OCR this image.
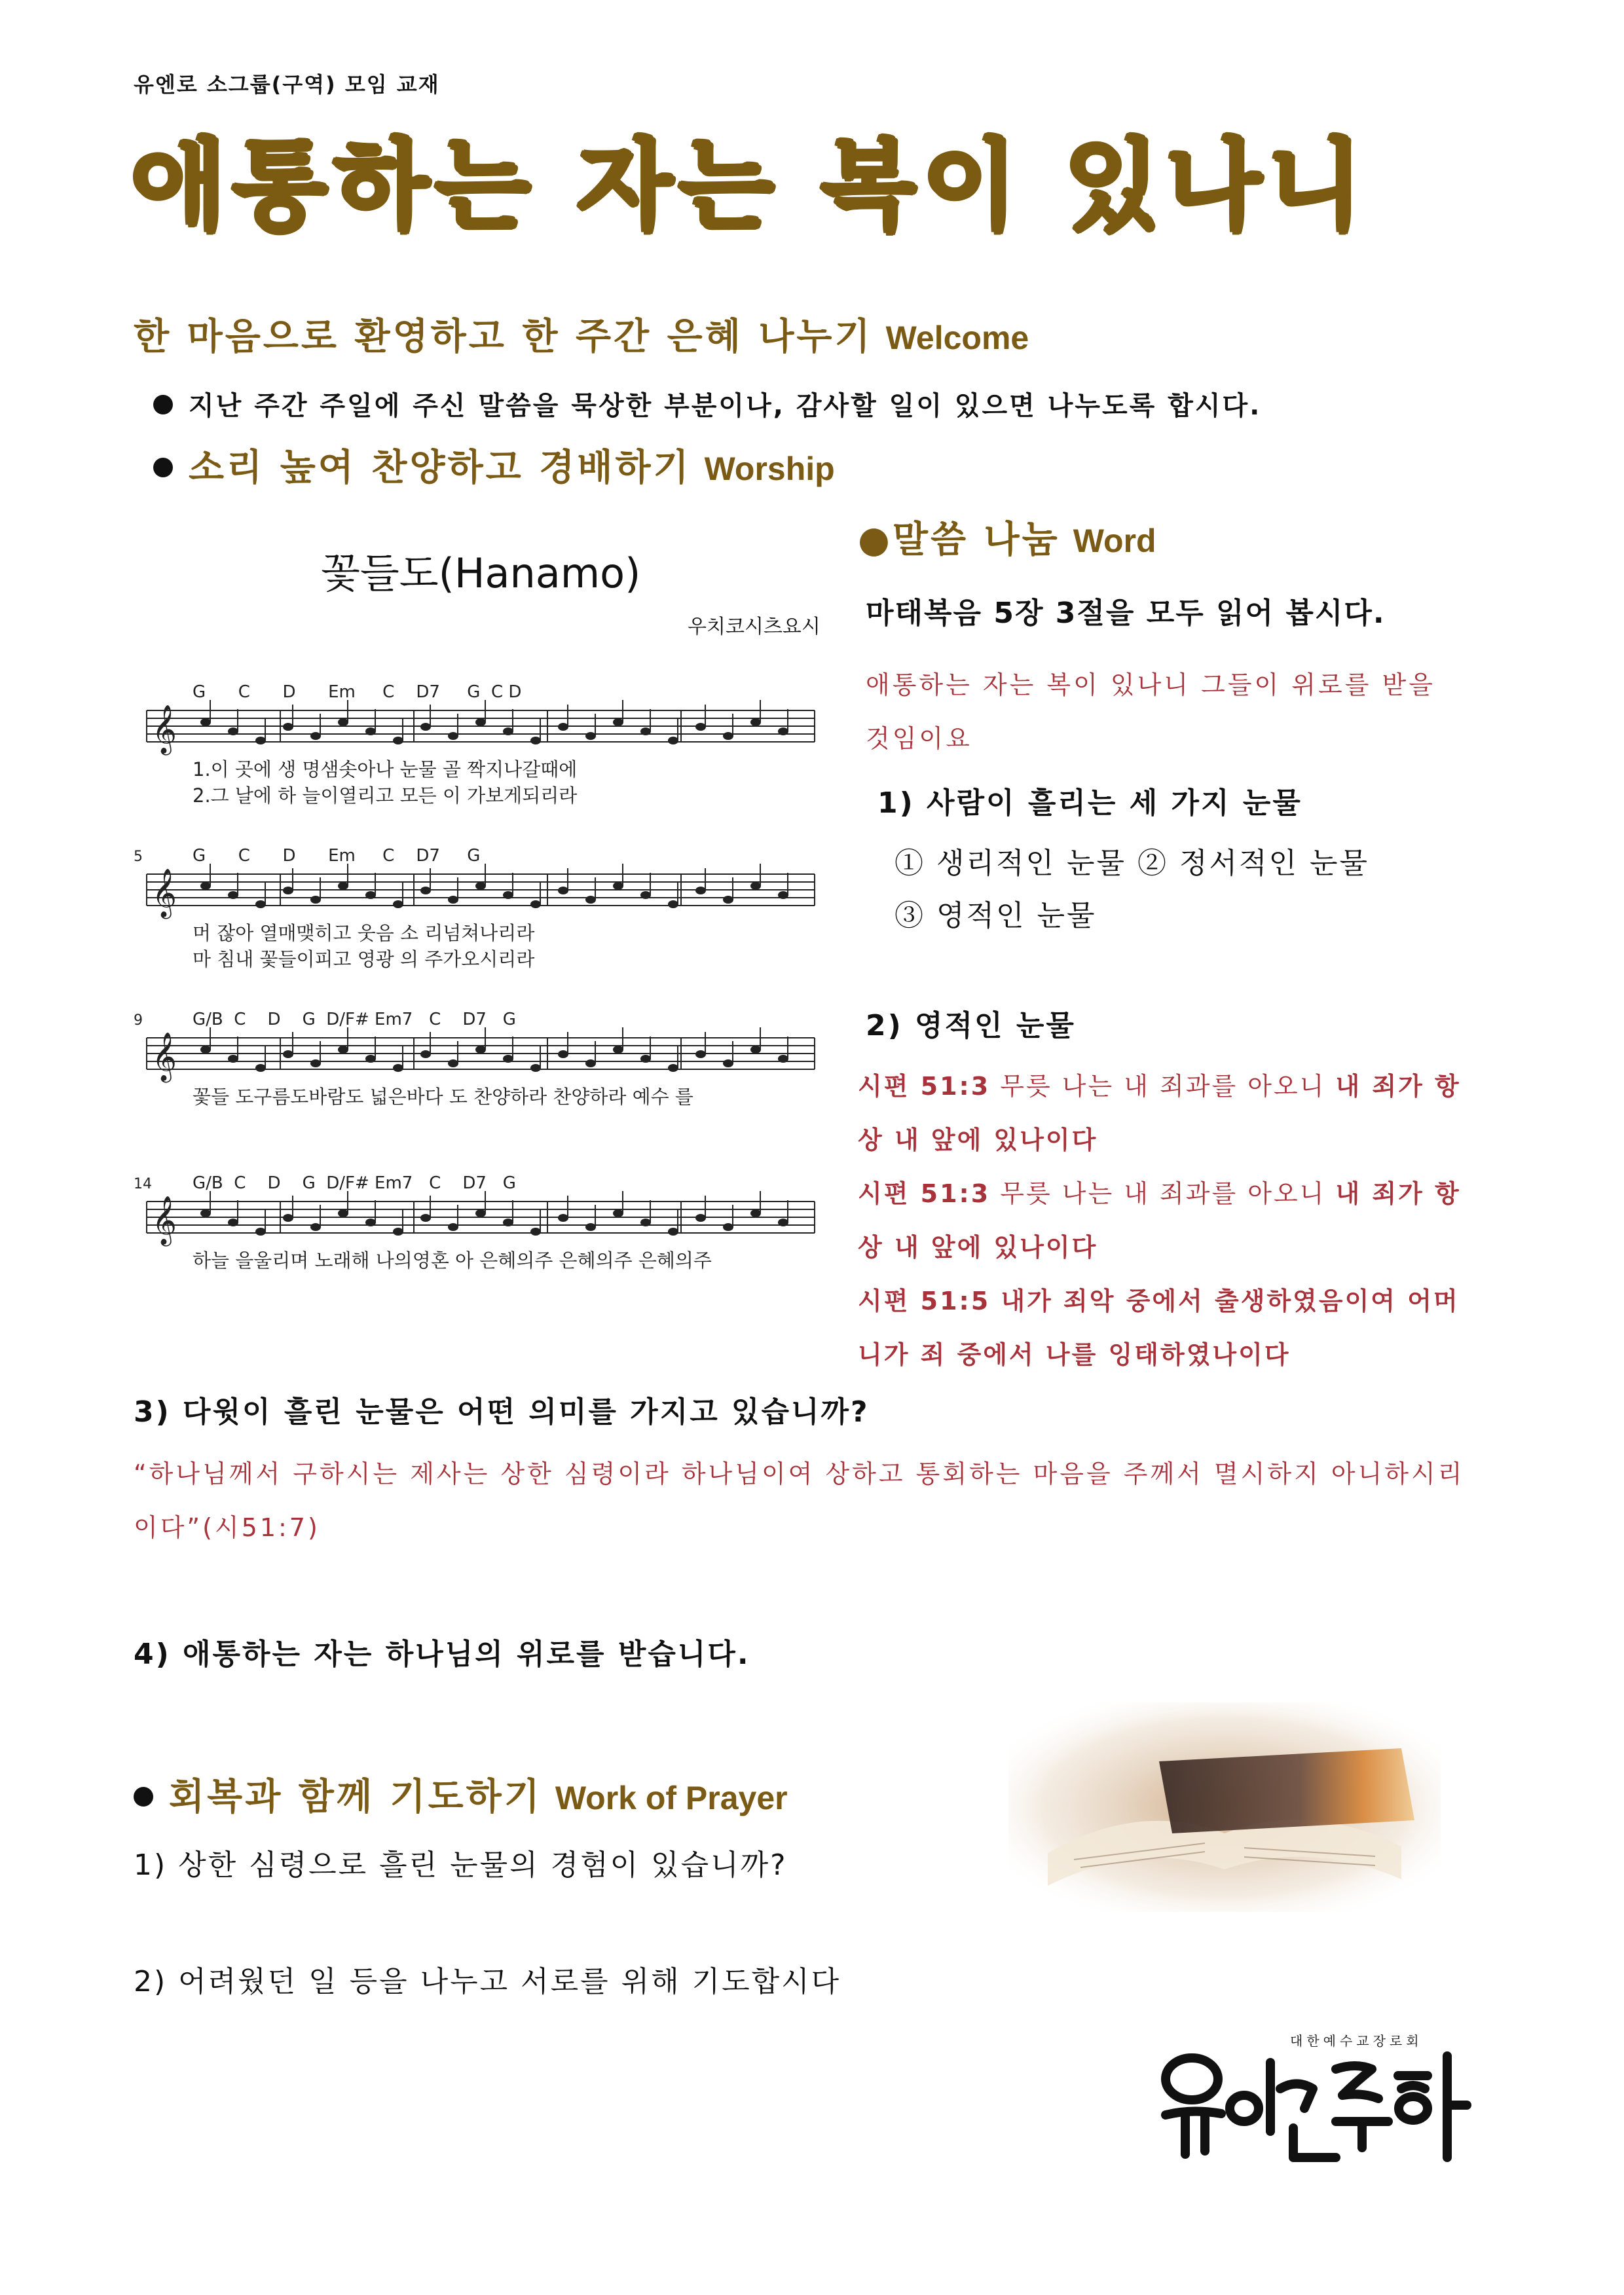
유엔로 소그룹(구역) 모임 교재
애통하는 자는 복이 있나니
한 마음으로 환영하고 한 주간 은혜 나누기 Welcome
지난 주간 주일에 주신 말씀을 묵상한 부분이나, 감사할 일이 있으면 나누도록 합시다.
소리 높여 찬양하고 경배하기 Worship
𝄞
G      C      D      Em     C    D7     G  C D
1.이 곳에 생 명샘솟아나 눈물 골 짝지나갈때에
2.그 날에 하 늘이열리고 모든 이 가보게되리라
𝄞
G      C      D      Em     C    D7     G
5
머 잖아 열매맺히고 웃음 소 리넘쳐나리라
마 침내 꽃들이피고 영광 의 주가오시리라
𝄞
G/B  C    D    G  D/F# Em7   C    D7   G
9
꽃들 도구름도바람도 넓은바다 도 찬양하라 찬양하라 예수 를
𝄞
G/B  C    D    G  D/F# Em7   C    D7   G
14
하늘 을울리며 노래해 나의영혼 아 은혜의주 은혜의주 은혜의주
꽃들도(Hanamo)
우치코시츠요시
●말씀 나눔 Word
마태복음 5장 3절을 모두 읽어 봅시다.
애통하는 자는 복이 있나니 그들이 위로를 받을 것임이요
1) 사람이 흘리는 세 가지 눈물
① 생리적인 눈물 ② 정서적인 눈물
③ 영적인 눈물
2) 영적인 눈물
시편 51:3 무릇 나는 내 죄과를 아오니 내 죄가 항상 내 앞에 있나이다
시편 51:3 무릇 나는 내 죄과를 아오니 내 죄가 항상 내 앞에 있나이다
시편 51:5 내가 죄악 중에서 출생하였음이여 어머니가 죄 중에서 나를 잉태하였나이다
3) 다윗이 흘린 눈물은 어떤 의미를 가지고 있습니까?
“하나님께서 구하시는 제사는 상한 심령이라 하나님이여 상하고 통회하는 마음을 주께서 멸시하지 아니하시리이다”(시51:7)
4) 애통하는 자는 하나님의 위로를 받습니다.
회복과 함께 기도하기 Work of Prayer
1) 상한 심령으로 흘린 눈물의 경험이 있습니까?
2) 어려웠던 일 등을 나누고 서로를 위해 기도합시다
대한예수교장로회
